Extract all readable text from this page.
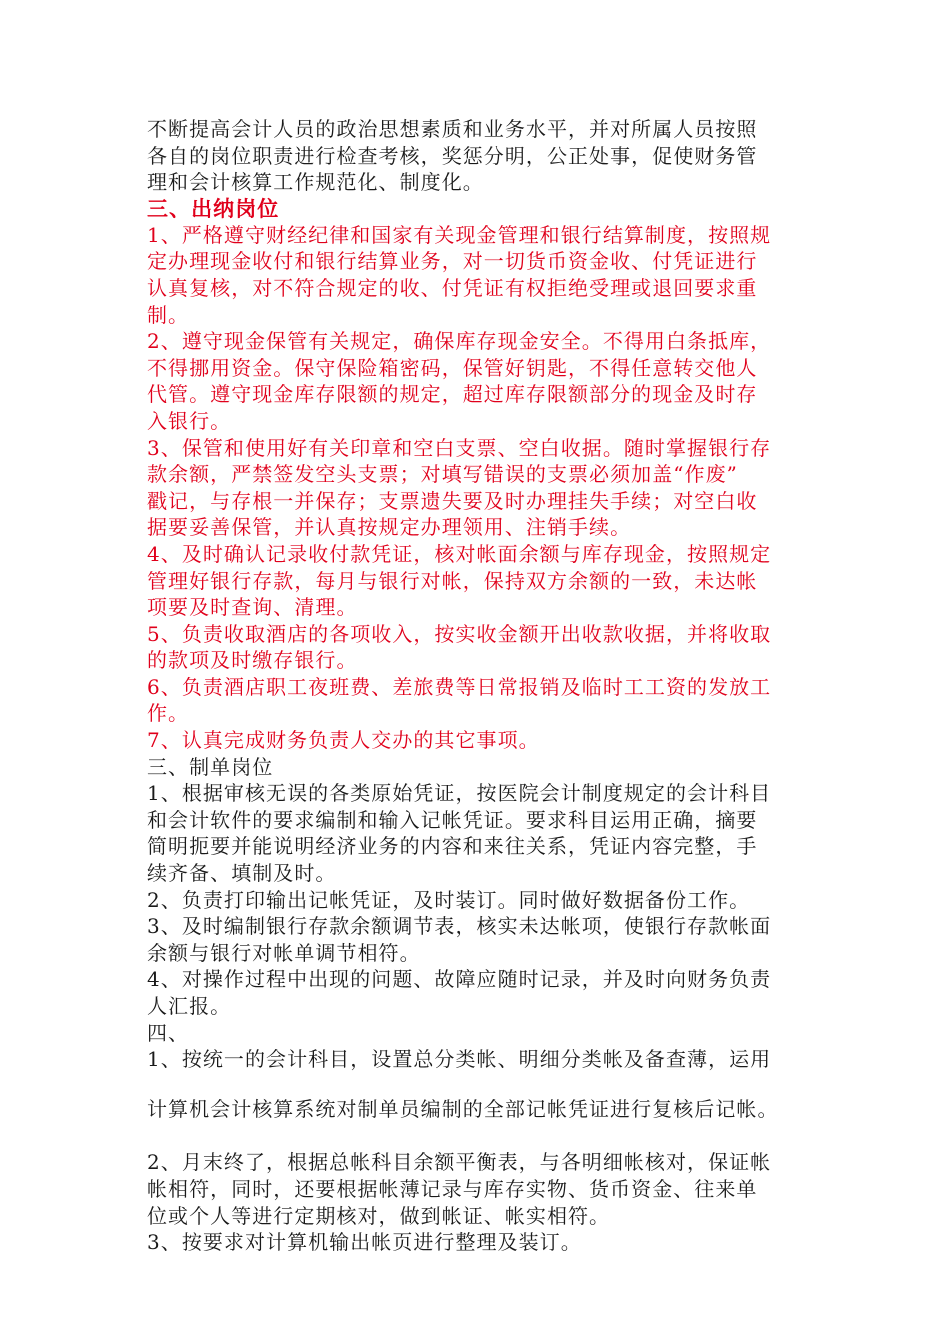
不断提高会计人员的政治思想素质和业务水平，并对所属人员按照
各自的岗位职责进行检查考核，奖惩分明，公正处事，促使财务管
理和会计核算工作规范化、制度化。

三、出纳岗位

1、严格遵守财经纪律和国家有关现金管理和银行结算制度，按照规
定办理现金收付和银行结算业务，对一切货币资金收、付凭证进行
认真复核，对不符合规定的收、付凭证有权拒绝受理或退回要求重
制。

2、遵守现金保管有关规定，确保库存现金安全。不得用白条抵库，
不得挪用资金。保守保险箱密码，保管好钥匙，不得任意转交他人
代管。遵守现金库存限额的规定，超过库存限额部分的现金及时存
入银行。

3、保管和使用好有关印章和空白支票、空白收据。随时掌握银行存
款余额，严禁签发空头支票；对填写错误的支票必须加盖“作废”
戳记，与存根一并保存；支票遗失要及时办理挂失手续；对空白收
据要妥善保管，并认真按规定办理领用、注销手续。

4、及时确认记录收付款凭证，核对帐面余额与库存现金，按照规定
管理好银行存款，每月与银行对帐，保持双方余额的一致，未达帐
项要及时查询、清理。

5、负责收取酒店的各项收入，按实收金额开出收款收据，并将收取
的款项及时缴存银行。

6、负责酒店职工夜班费、差旅费等日常报销及临时工工资的发放工
作。

7、认真完成财务负责人交办的其它事项。

三、制单岗位

1、根据审核无误的各类原始凭证，按医院会计制度规定的会计科目
和会计软件的要求编制和输入记帐凭证。要求科目运用正确，摘要
简明扼要并能说明经济业务的内容和来往关系，凭证内容完整，手
续齐备、填制及时。

2、负责打印输出记帐凭证，及时装订。同时做好数据备份工作。

3、及时编制银行存款余额调节表，核实未达帐项，使银行存款帐面
余额与银行对帐单调节相符。

4、对操作过程中出现的问题、故障应随时记录，并及时向财务负责
人汇报。

四、

1、按统一的会计科目，设置总分类帐、明细分类帐及备查薄，运用

计算机会计核算系统对制单员编制的全部记帐凭证进行复核后记帐。

2、月末终了，根据总帐科目余额平衡表，与各明细帐核对，保证帐
帐相符，同时，还要根据帐薄记录与库存实物、货币资金、往来单
位或个人等进行定期核对，做到帐证、帐实相符。

3、按要求对计算机输出帐页进行整理及装订。
